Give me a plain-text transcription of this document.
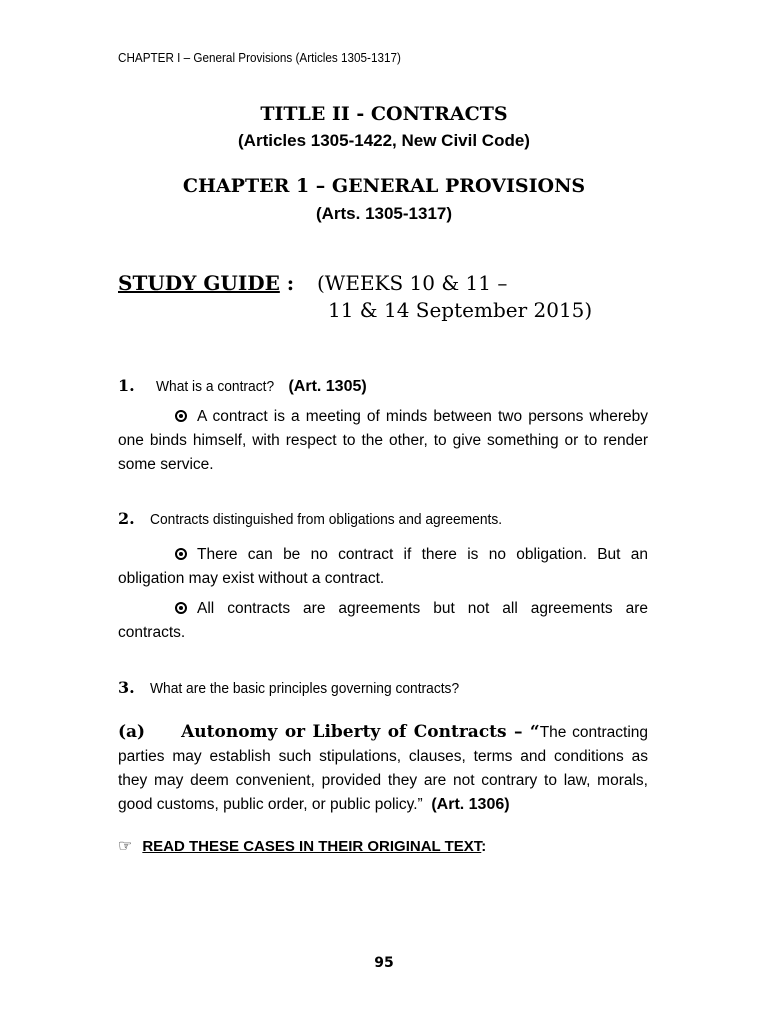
CHAPTER I – General Provisions (Articles 1305-1317)
TITLE II - CONTRACTS
(Articles 1305-1422, New Civil Code)
CHAPTER 1 – GENERAL PROVISIONS
(Arts. 1305-1317)
STUDY GUIDE : (WEEKS 10 & 11 –
11 & 14 September 2015)
1. What is a contract? (Art. 1305)
A contract is a meeting of minds between two persons whereby one binds himself, with respect to the other, to give something or to render some service.
2. Contracts distinguished from obligations and agreements.
There can be no contract if there is no obligation. But an obligation may exist without a contract.
All contracts are agreements but not all agreements are contracts.
3. What are the basic principles governing contracts?
(a) Autonomy or Liberty of Contracts – “The contracting parties may establish such stipulations, clauses, terms and conditions as they may deem convenient, provided they are not contrary to law, morals, good customs, public order, or public policy.” (Art. 1306)
☞ READ THESE CASES IN THEIR ORIGINAL TEXT:
95
